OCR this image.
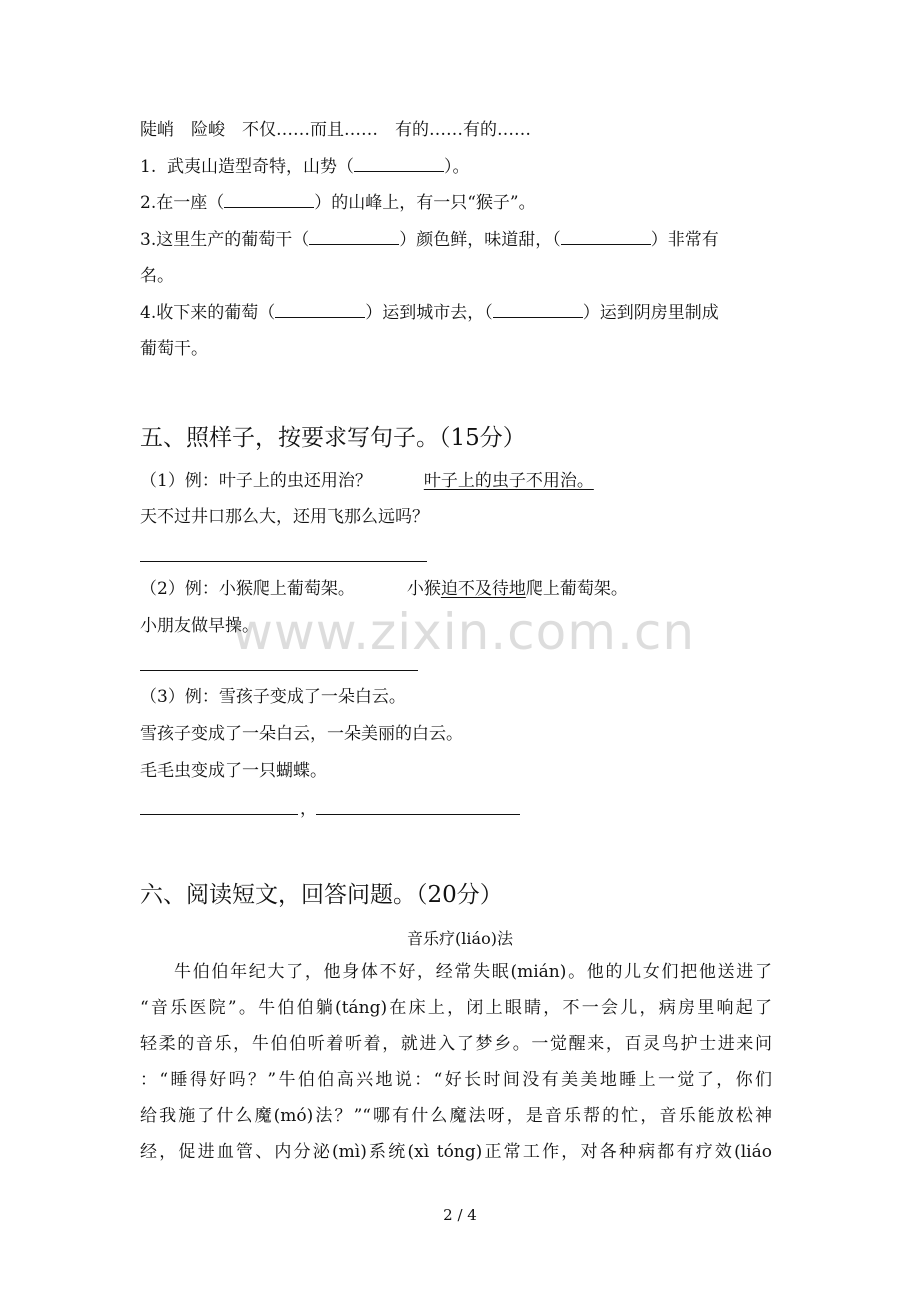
陡峭　险峻　不仅……而且……　有的……有的……
1. 武夷山造型奇特，山势（	）。
2.在一座（	）的山峰上，有一只“猴子”。
3.这里生产的葡萄干（	）颜色鲜，味道甜，（	）非常有
名。
4.收下来的葡萄（	）运到城市去，（	）运到阴房里制成
葡萄干。
五、照样子，按要求写句子。（15分）
（1）例：叶子上的虫还用治？	叶子上的虫子不用治。
天不过井口那么大，还用飞那么远吗？
（2）例：小猴爬上葡萄架。	小猴迫不及待地爬上葡萄架。
小朋友做早操。
（3）例：雪孩子变成了一朵白云。
雪孩子变成了一朵白云，一朵美丽的白云。
毛毛虫变成了一只蝴蝶。
，
六、阅读短文，回答问题。（20分）
音乐疗(liáo)法

牛伯伯年纪大了，他身体不好，经常失眠(mián)。他的儿女们把他送进了

“音乐医院”。牛伯伯躺(táng)在床上，闭上眼睛，不一会儿，病房里响起了

轻柔的音乐，牛伯伯听着听着，就进入了梦乡。一觉醒来，百灵鸟护士进来问

：“睡得好吗？”牛伯伯高兴地说：“好长时间没有美美地睡上一觉了，你们

给我施了什么魔(mó)法？”“哪有什么魔法呀，是音乐帮的忙，音乐能放松神

经，促进血管、内分泌(mì)系统(xì tóng)正常工作，对各种病都有疗效(liáo

www.zixin.com.cn
2 / 4
